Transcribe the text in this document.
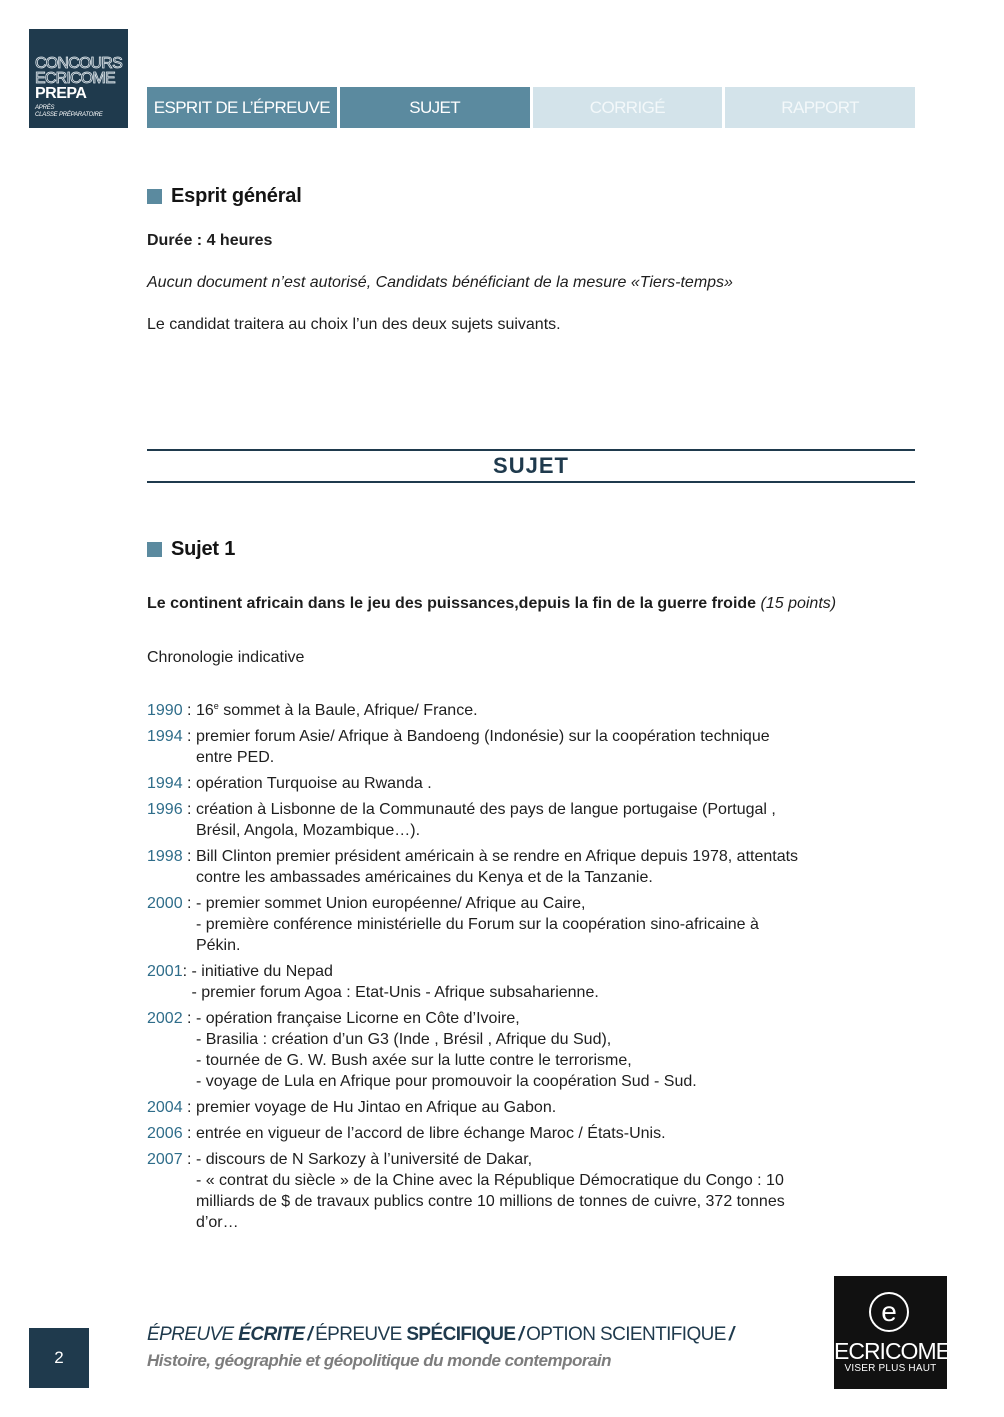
CONCOURS
ECRICOME
PREPA
APRÈS
CLASSE PRÉPARATOIRE	ESPRIT DE L’ÉPREUVE	SUJET	CORRIGÉ	RAPPORT
Esprit général
Durée : 4 heures
Aucun document n’est autorisé, Candidats bénéficiant de la mesure «Tiers-temps»
Le candidat traitera au choix l’un des deux sujets suivants.
SUJET
Sujet 1
Le continent africain dans le jeu des puissances,depuis la fin de la guerre froide (15 points)
Chronologie indicative
1990 : 16e sommet à la Baule, Afrique/ France.
1994 : premier forum Asie/ Afrique à Bandoeng (Indonésie) sur la coopération technique
entre PED.
1994 : opération Turquoise au Rwanda .
1996 : création à Lisbonne de la Communauté des pays de langue portugaise (Portugal ,
Brésil, Angola, Mozambique…).
1998 : Bill Clinton premier président américain à se rendre en Afrique depuis 1978, attentats
contre les ambassades américaines du Kenya et de la Tanzanie.
2000 : - premier sommet Union européenne/ Afrique au Caire,
- première conférence ministérielle du Forum sur la coopération sino-africaine à
Pékin.
2001 : - initiative du Nepad
- premier forum Agoa : Etat-Unis - Afrique subsaharienne.
2002 : - opération française Licorne en Côte d’Ivoire,
- Brasilia : création d’un G3 (Inde , Brésil , Afrique du Sud),
- tournée de G. W. Bush axée sur la lutte contre le terrorisme,
- voyage de Lula en Afrique pour promouvoir la coopération Sud - Sud.
2004 : premier voyage de Hu Jintao en Afrique au Gabon.
2006 : entrée en vigueur de l’accord de libre échange Maroc / États-Unis.
2007 : - discours de N Sarkozy à l’université de Dakar,
- « contrat du siècle » de la Chine avec la République Démocratique du Congo : 10
milliards de $ de travaux publics contre 10 millions de tonnes de cuivre, 372 tonnes
d’or…
2
ÉPREUVE ÉCRITE / ÉPREUVE SPÉCIFIQUE / OPTION SCIENTIFIQUE /
Histoire, géographie et géopolitique du monde contemporain
e
ECRICOME
VISER PLUS HAUT
